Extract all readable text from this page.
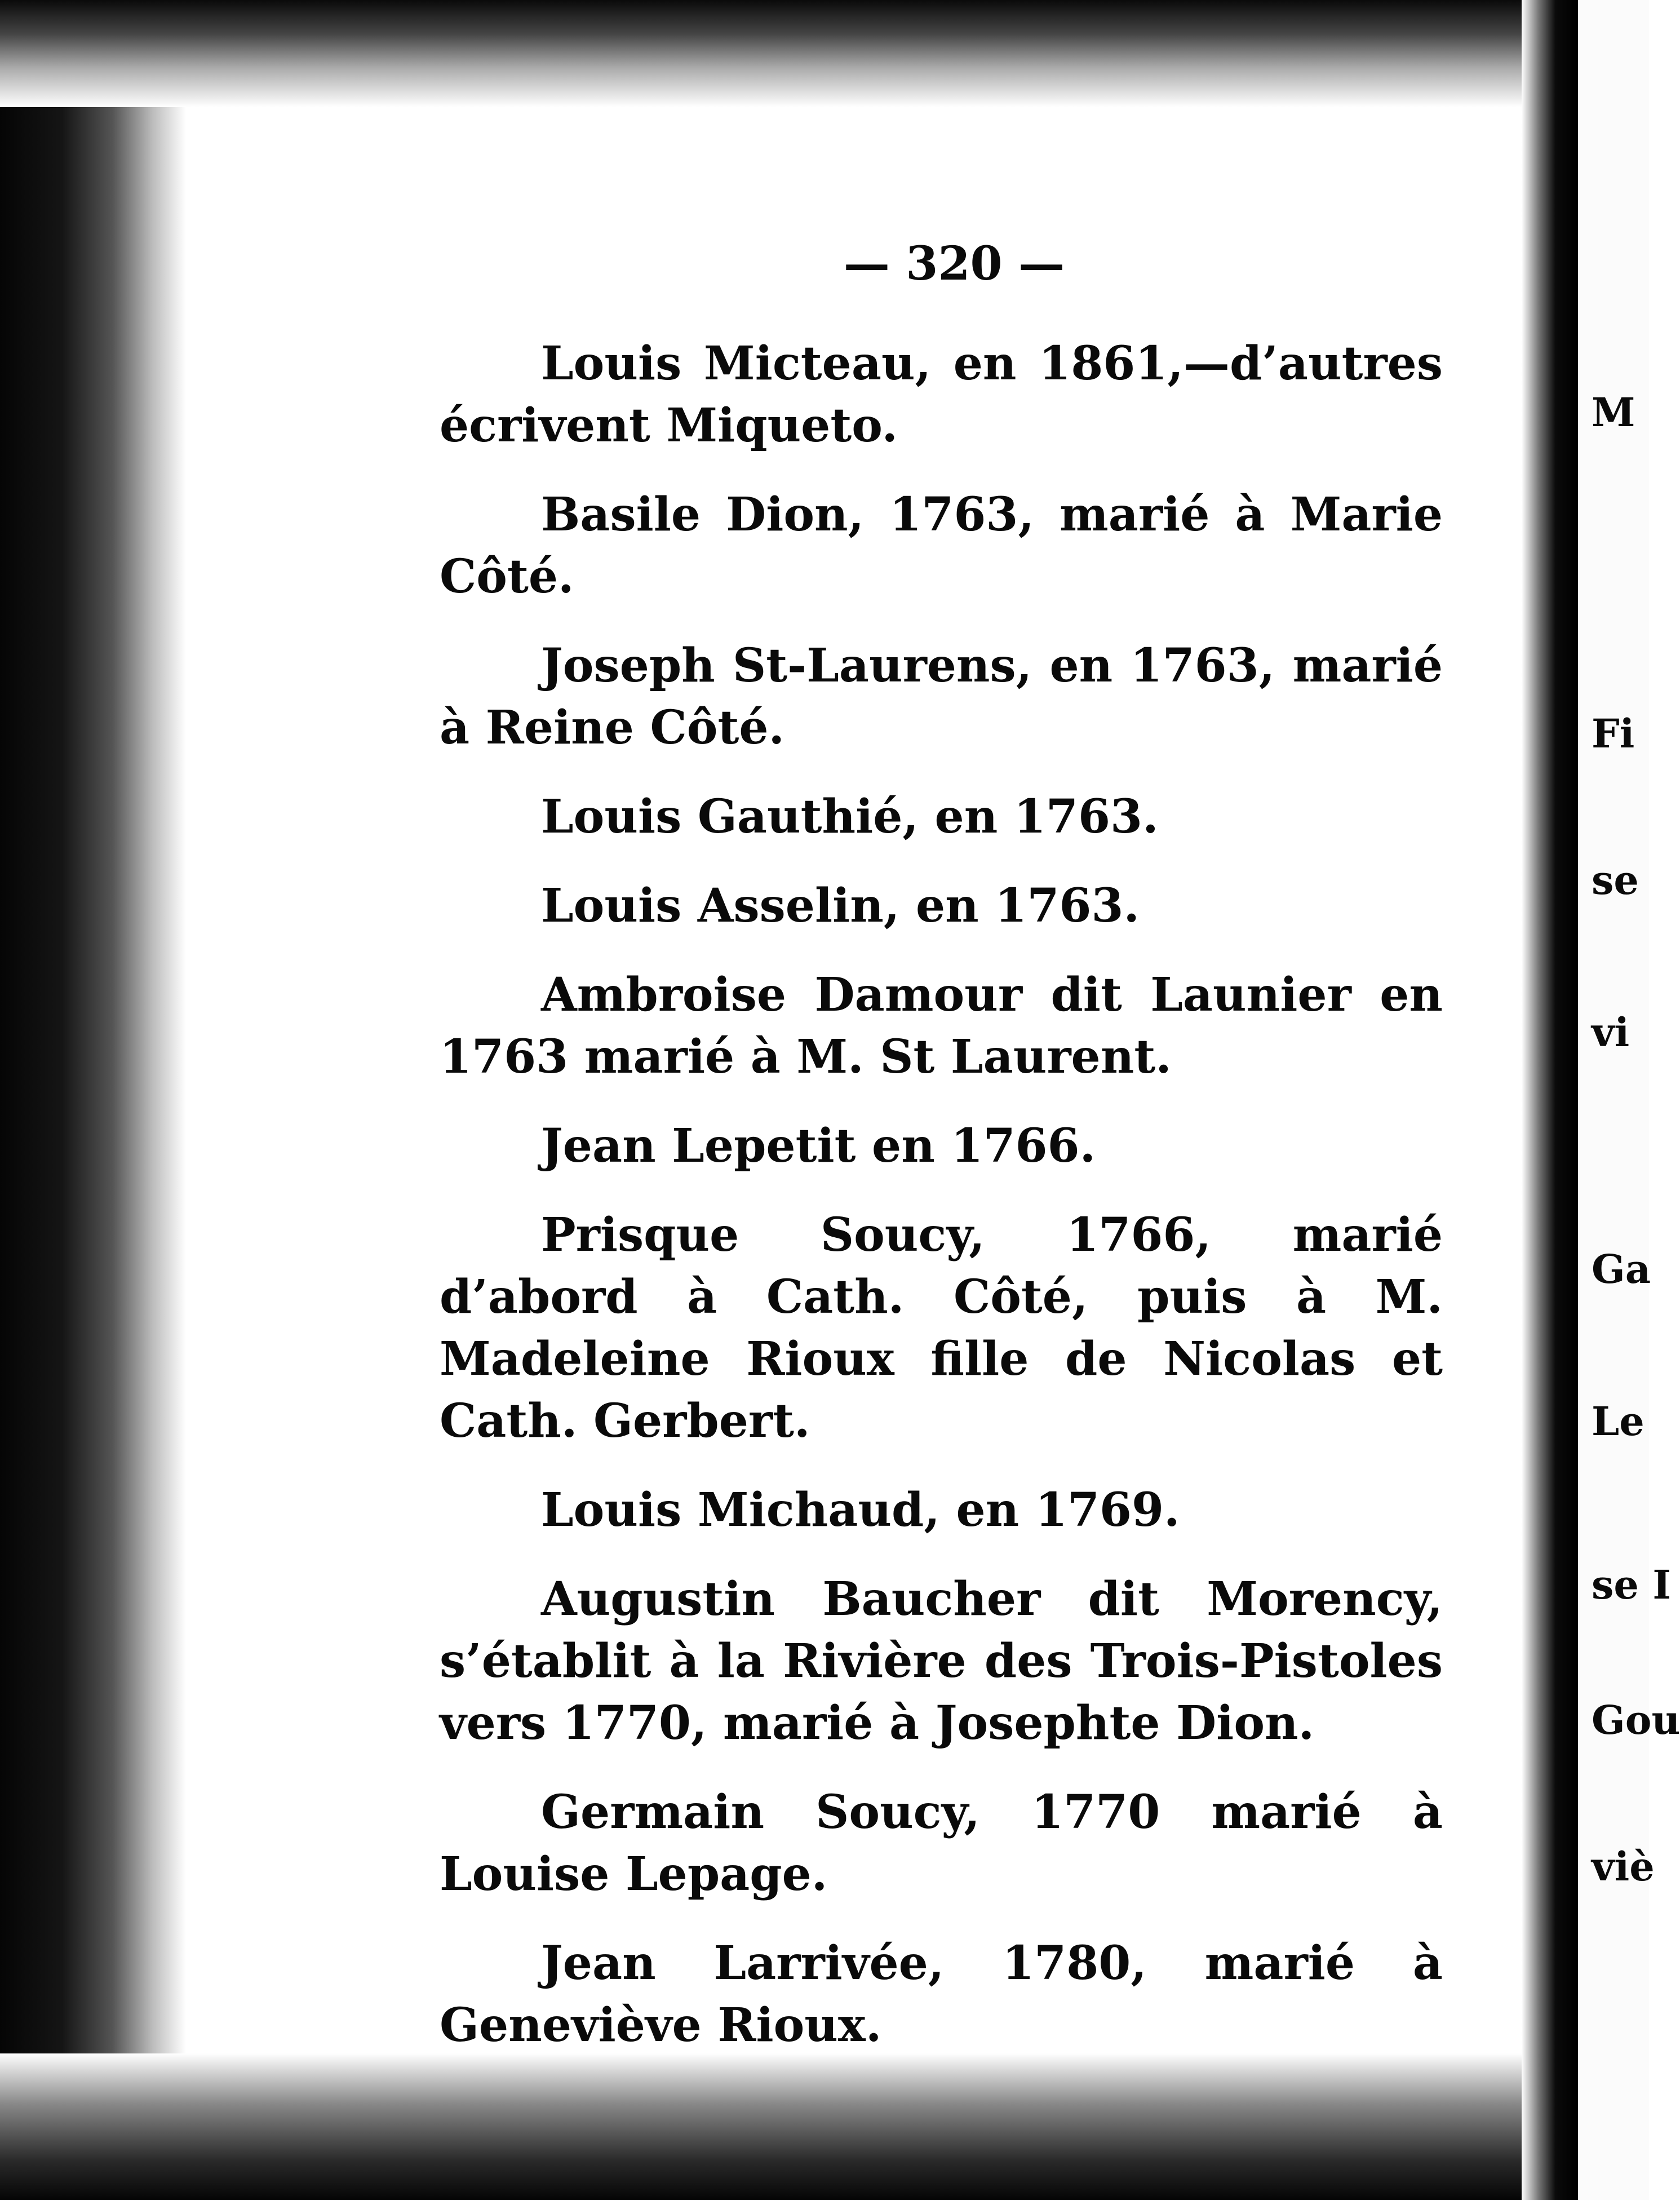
M
Fi
se
vi
Ga
Le
se I
Gou
viè
— 320 —

Louis Micteau, en 1861,—d’autres écrivent Miqueto.

Basile Dion, 1763, marié à Marie Côté.

Joseph St-Laurens, en 1763, marié à Reine Côté.

Louis Gauthié, en 1763.

Louis Asselin, en 1763.

Ambroise Damour dit Launier en 1763 marié à M. St Laurent.

Jean Lepetit en 1766.

Prisque Soucy, 1766, marié d’abord à Cath. Côté, puis à M. Madeleine Rioux fille de Nicolas et Cath. Gerbert.

Louis Michaud, en 1769.

Augustin Baucher dit Morency, s’établit à la Rivière des Trois-Pistoles vers 1770, marié à Josephte Dion.

Germain Soucy, 1770 marié à Louise Lepage.

Jean Larrivée, 1780, marié à Geneviève Rioux.
